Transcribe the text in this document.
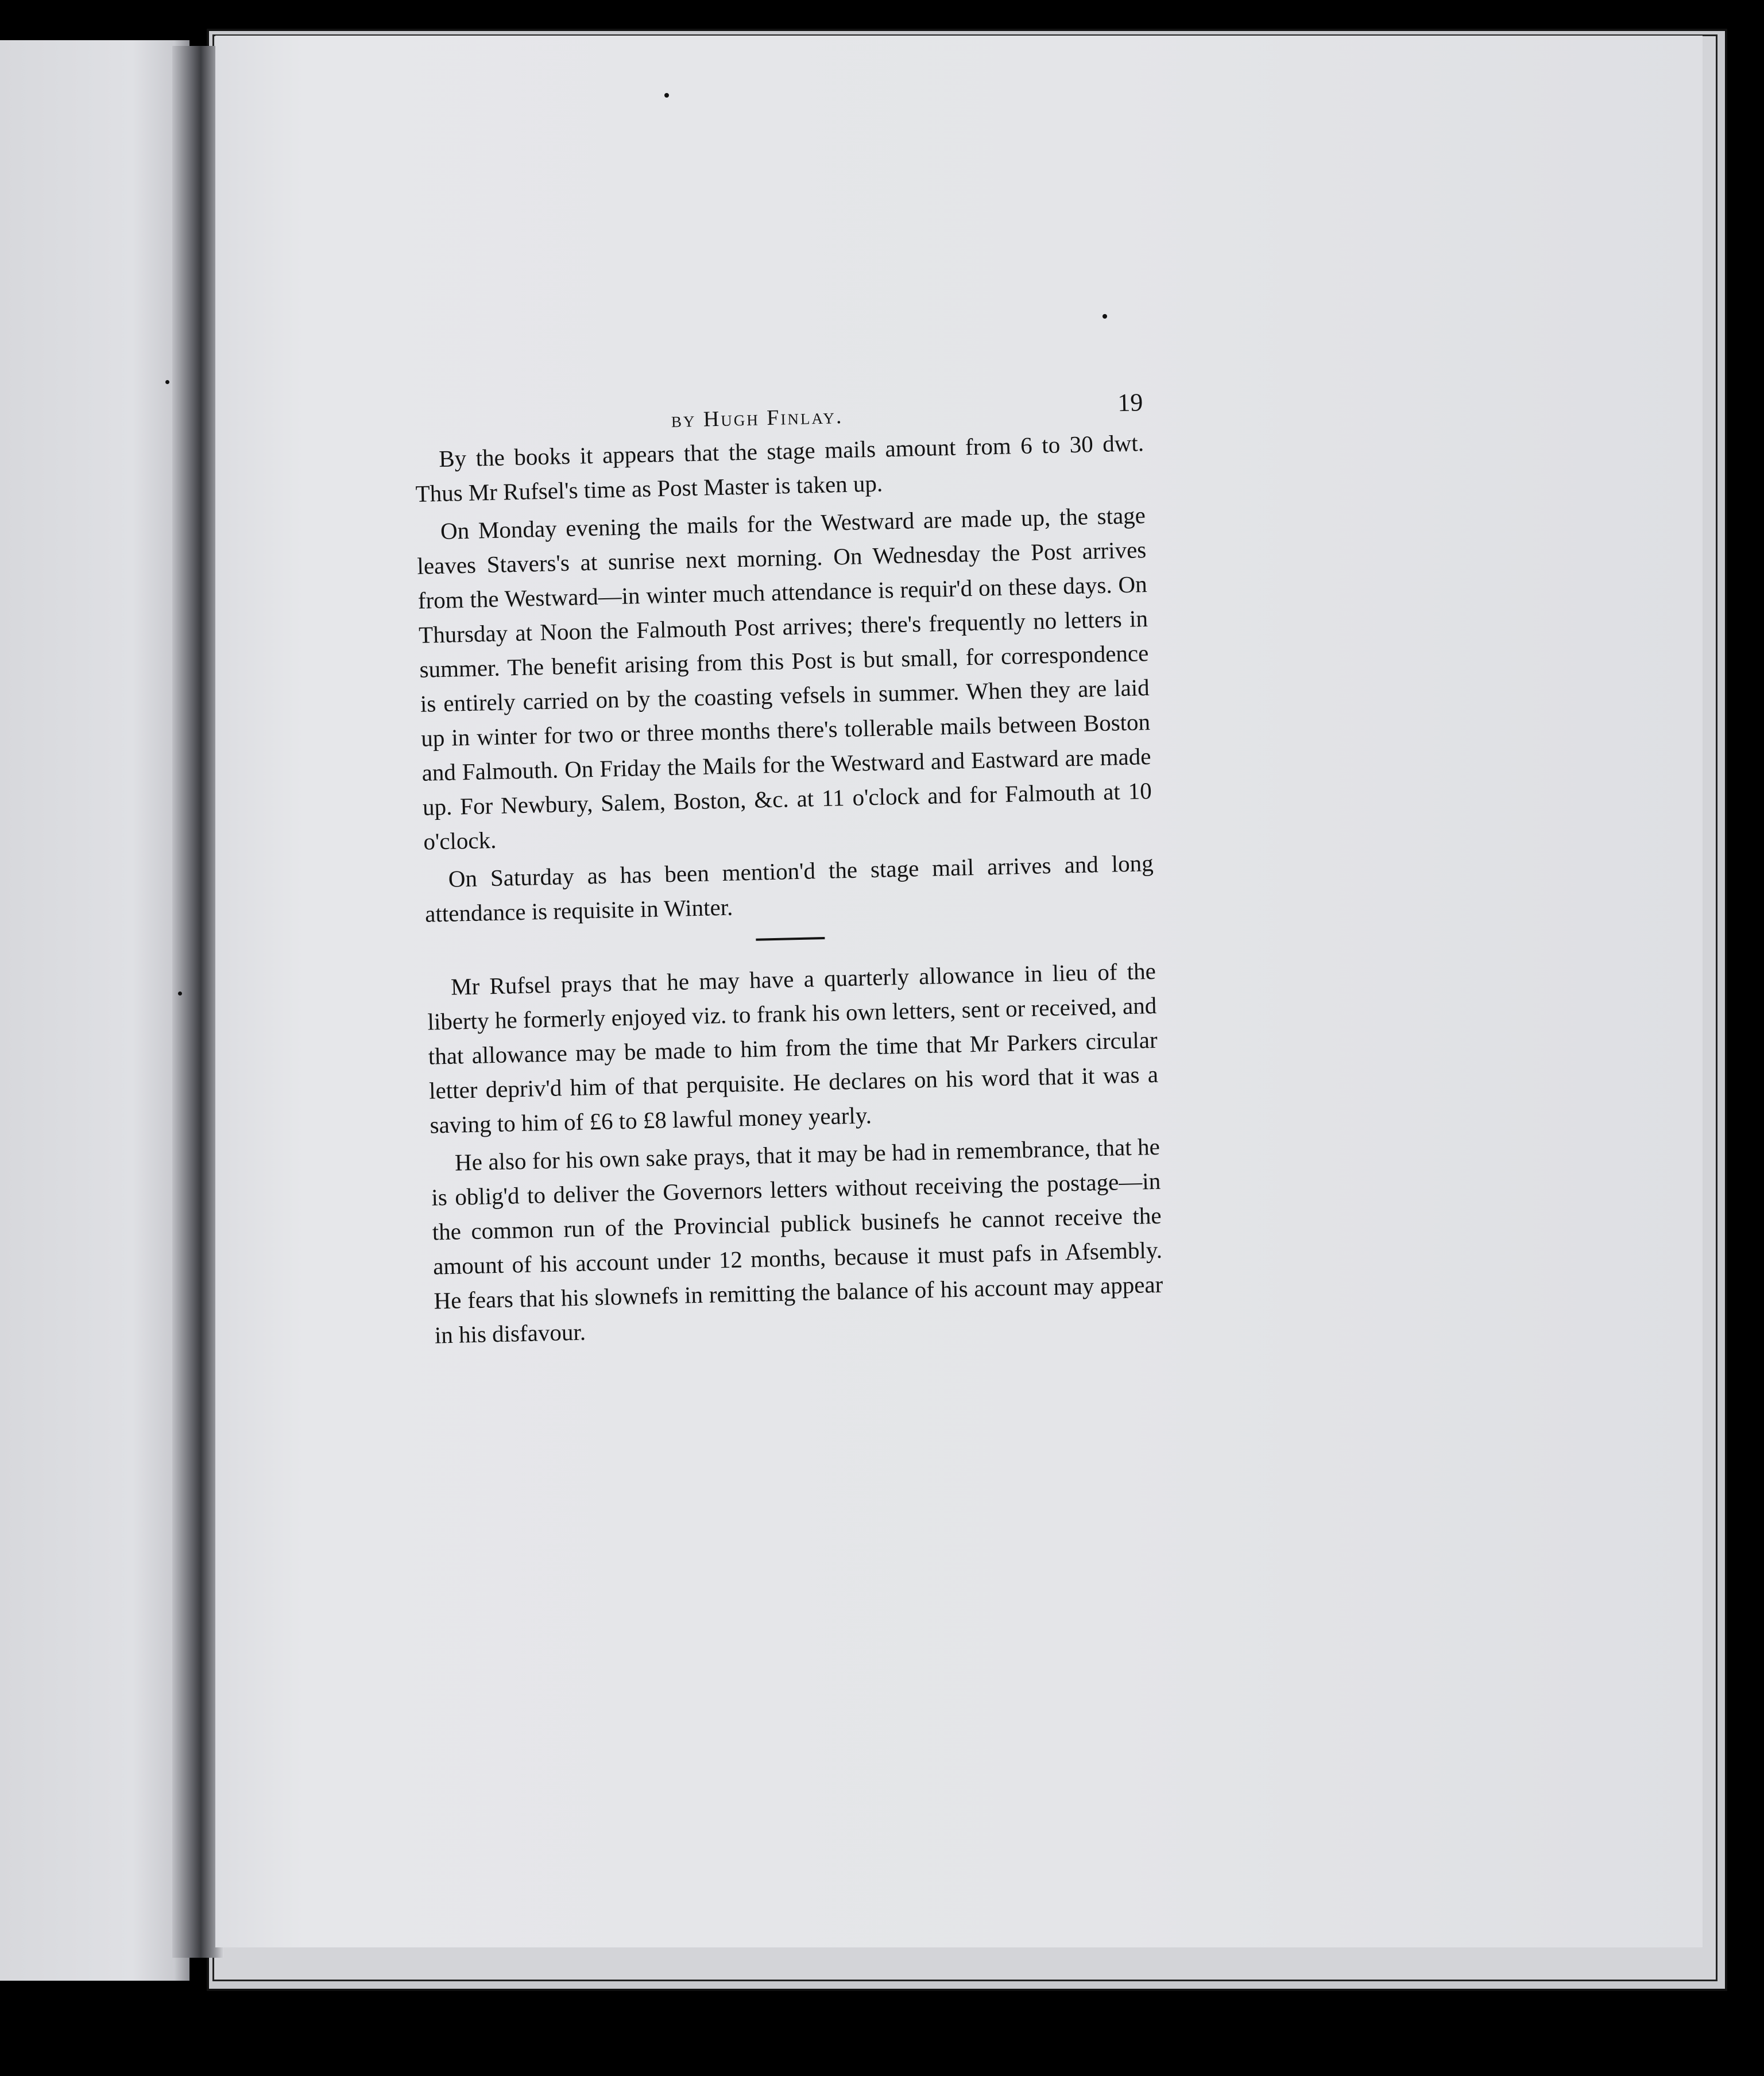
by Hugh Finlay.
19

By the books it appears that the stage mails amount from 6 to 30 dwt. Thus Mr Rufsel's time as Post Master is taken up.

On Monday evening the mails for the Westward are made up, the stage leaves Stavers's at sunrise next morning. On Wednesday the Post arrives from the Westward—in winter much attendance is requir'd on these days. On Thursday at Noon the Falmouth Post arrives; there's frequently no letters in summer. The benefit arising from this Post is but small, for correspondence is entirely carried on by the coasting vefsels in summer. When they are laid up in winter for two or three months there's tollerable mails between Boston and Falmouth. On Friday the Mails for the Westward and Eastward are made up. For Newbury, Salem, Boston, &c. at 11 o'clock and for Falmouth at 10 o'clock.

On Saturday as has been mention'd the stage mail arrives and long attendance is requisite in Winter.

Mr Rufsel prays that he may have a quarterly allowance in lieu of the liberty he formerly enjoyed viz. to frank his own letters, sent or received, and that allowance may be made to him from the time that Mr Parkers circular letter depriv'd him of that perquisite. He declares on his word that it was a saving to him of £6 to £8 lawful money yearly.

He also for his own sake prays, that it may be had in remembrance, that he is oblig'd to deliver the Governors letters without receiving the postage—in the common run of the Provincial publick businefs he cannot receive the amount of his account under 12 months, because it must pafs in Afsembly. He fears that his slownefs in remitting the balance of his account may appear in his disfavour.
